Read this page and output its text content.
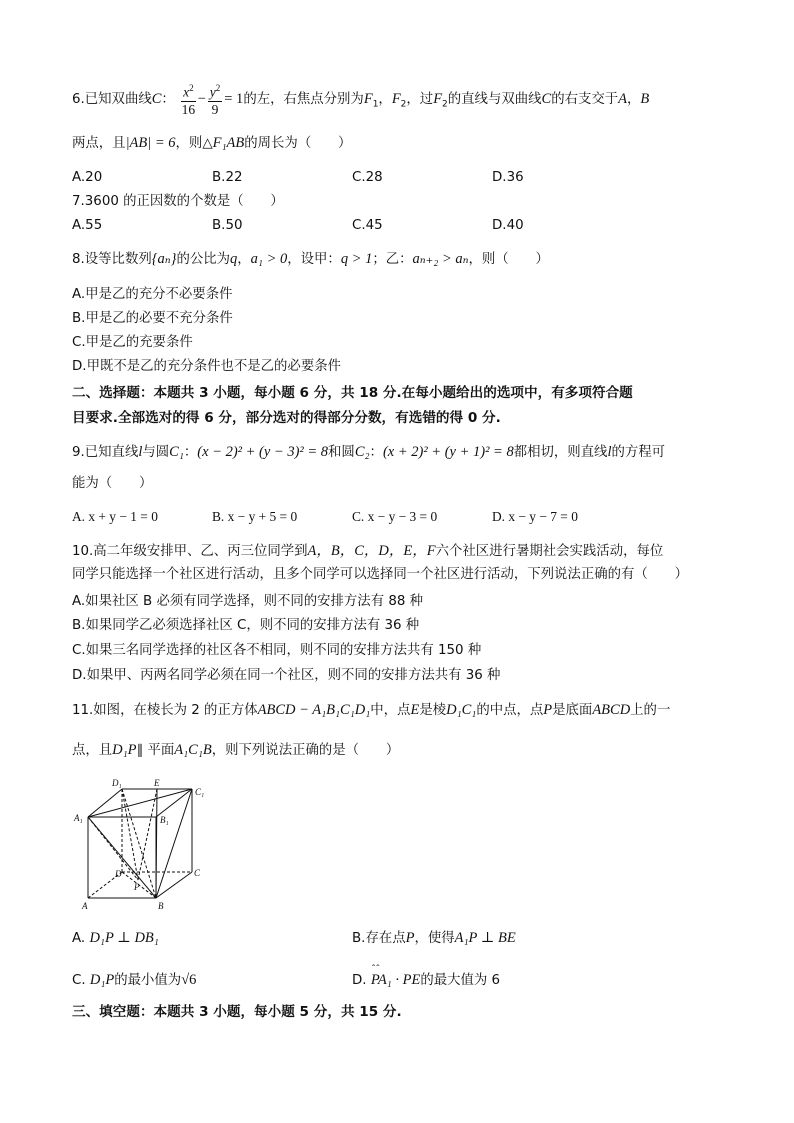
6.已知双曲线C： $\frac{x^2}{16} - \frac{y^2}{9} = 1$的左，右焦点分别为$F_1$，$F_2$，过$F_2$的直线与双曲线C的右支交于A，B
两点，且|AB| = 6，则△F₁AB的周长为（　　）
A.20	B.22	C.28	D.36
7.3600 的正因数的个数是（　　）
A.55	B.50	C.45	D.40
8.设等比数列{aₙ}的公比为q，a₁ > 0，设甲：q > 1；乙：aₙ₊₂ > aₙ，则（　　）
A.甲是乙的充分不必要条件
B.甲是乙的必要不充分条件
C.甲是乙的充要条件
D.甲既不是乙的充分条件也不是乙的必要条件
二、选择题：本题共 3 小题，每小题 6 分，共 18 分.在每小题给出的选项中，有多项符合题
目要求.全部选对的得 6 分，部分选对的得部分分数，有选错的得 0 分.
9.已知直线l与圆C₁：(x − 2)² + (y − 3)² = 8和圆C₂：(x + 2)² + (y + 1)² = 8都相切，则直线l的方程可
能为（　　）
A. x + y − 1 = 0	B. x − y + 5 = 0	C. x − y − 3 = 0	D. x − y − 7 = 0
10.高二年级安排甲、乙、丙三位同学到A，B，C，D，E，F六个社区进行暑期社会实践活动，每位
同学只能选择一个社区进行活动，且多个同学可以选择同一个社区进行活动，下列说法正确的有（　　）
A.如果社区 B 必须有同学选择，则不同的安排方法有 88 种
B.如果同学乙必须选择社区 C，则不同的安排方法有 36 种
C.如果三名同学选择的社区各不相同，则不同的安排方法共有 150 种
D.如果甲、丙两名同学必须在同一个社区，则不同的安排方法共有 36 种
11.如图，在棱长为 2 的正方体ABCD − A₁B₁C₁D₁中，点E是棱D₁C₁的中点，点P是底面ABCD上的一
点，且D₁P∥ 平面A₁C₁B，则下列说法正确的是（　　）
D₁	E
C₁
A₁	B₁
D
P
C
A	B
A. D₁P ⊥ DB₁	B.存在点P，使得A₁P ⊥ BE
C. D₁P的最小值为√6	D. ˆˆ PA₁ · PE的最大值为 6
三、填空题：本题共 3 小题，每小题 5 分，共 15 分.
